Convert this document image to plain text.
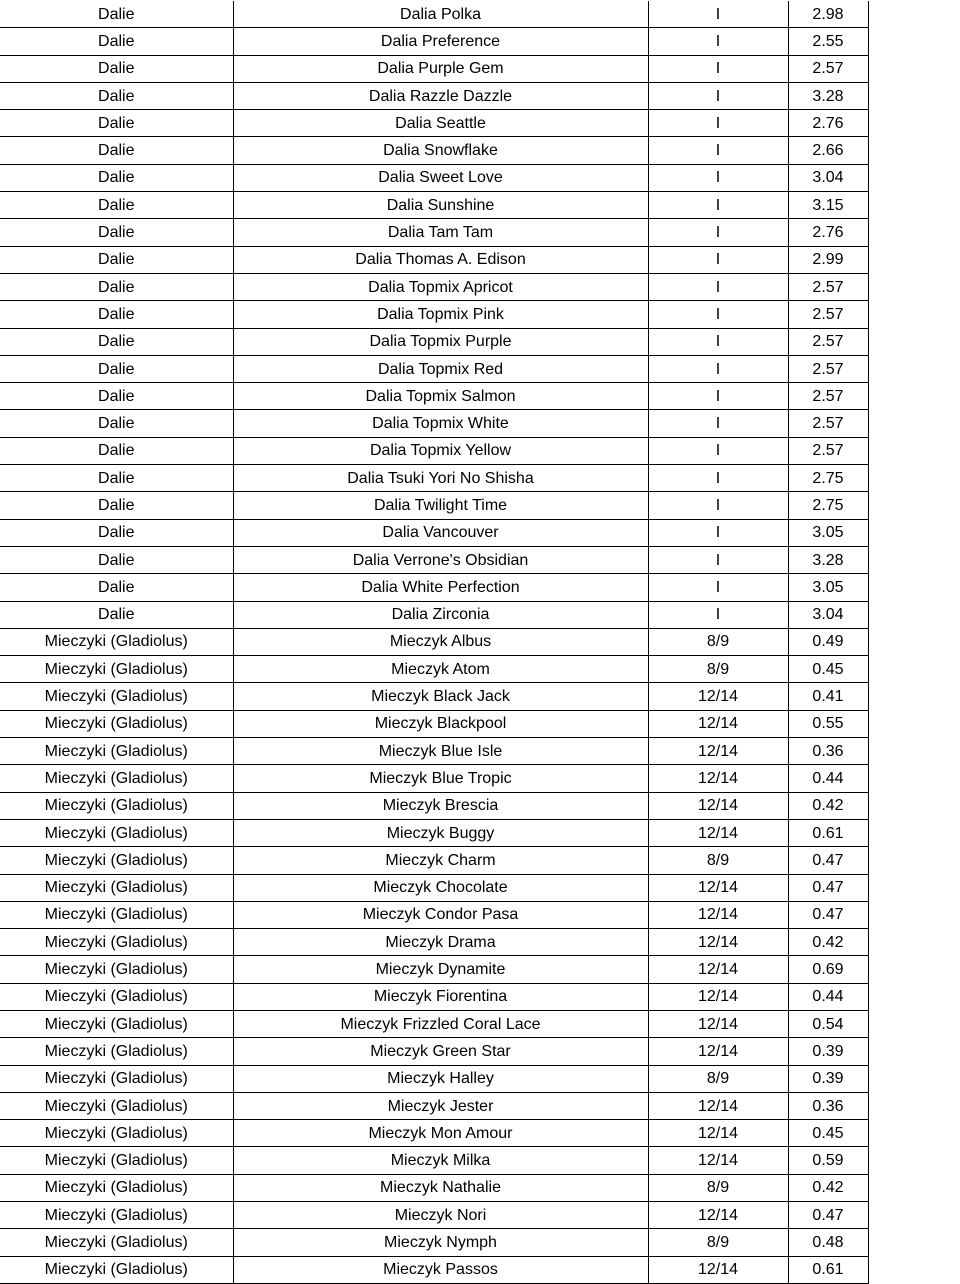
Dalie	Dalia Polka	I	2.98
Dalie	Dalia Preference	I	2.55
Dalie	Dalia Purple Gem	I	2.57
Dalie	Dalia Razzle Dazzle	I	3.28
Dalie	Dalia Seattle	I	2.76
Dalie	Dalia Snowflake	I	2.66
Dalie	Dalia Sweet Love	I	3.04
Dalie	Dalia Sunshine	I	3.15
Dalie	Dalia Tam Tam	I	2.76
Dalie	Dalia Thomas A. Edison	I	2.99
Dalie	Dalia Topmix Apricot	I	2.57
Dalie	Dalia Topmix Pink	I	2.57
Dalie	Dalia Topmix Purple	I	2.57
Dalie	Dalia Topmix Red	I	2.57
Dalie	Dalia Topmix Salmon	I	2.57
Dalie	Dalia Topmix White	I	2.57
Dalie	Dalia Topmix Yellow	I	2.57
Dalie	Dalia Tsuki Yori No Shisha	I	2.75
Dalie	Dalia Twilight Time	I	2.75
Dalie	Dalia Vancouver	I	3.05
Dalie	Dalia Verrone's Obsidian	I	3.28
Dalie	Dalia White Perfection	I	3.05
Dalie	Dalia Zirconia	I	3.04
Mieczyki (Gladiolus)	Mieczyk Albus	8/9	0.49
Mieczyki (Gladiolus)	Mieczyk Atom	8/9	0.45
Mieczyki (Gladiolus)	Mieczyk Black Jack	12/14	0.41
Mieczyki (Gladiolus)	Mieczyk Blackpool	12/14	0.55
Mieczyki (Gladiolus)	Mieczyk Blue Isle	12/14	0.36
Mieczyki (Gladiolus)	Mieczyk Blue Tropic	12/14	0.44
Mieczyki (Gladiolus)	Mieczyk Brescia	12/14	0.42
Mieczyki (Gladiolus)	Mieczyk Buggy	12/14	0.61
Mieczyki (Gladiolus)	Mieczyk Charm	8/9	0.47
Mieczyki (Gladiolus)	Mieczyk Chocolate	12/14	0.47
Mieczyki (Gladiolus)	Mieczyk Condor Pasa	12/14	0.47
Mieczyki (Gladiolus)	Mieczyk Drama	12/14	0.42
Mieczyki (Gladiolus)	Mieczyk Dynamite	12/14	0.69
Mieczyki (Gladiolus)	Mieczyk Fiorentina	12/14	0.44
Mieczyki (Gladiolus)	Mieczyk Frizzled Coral Lace	12/14	0.54
Mieczyki (Gladiolus)	Mieczyk Green Star	12/14	0.39
Mieczyki (Gladiolus)	Mieczyk Halley	8/9	0.39
Mieczyki (Gladiolus)	Mieczyk Jester	12/14	0.36
Mieczyki (Gladiolus)	Mieczyk Mon Amour	12/14	0.45
Mieczyki (Gladiolus)	Mieczyk Milka	12/14	0.59
Mieczyki (Gladiolus)	Mieczyk Nathalie	8/9	0.42
Mieczyki (Gladiolus)	Mieczyk Nori	12/14	0.47
Mieczyki (Gladiolus)	Mieczyk Nymph	8/9	0.48
Mieczyki (Gladiolus)	Mieczyk Passos	12/14	0.61
